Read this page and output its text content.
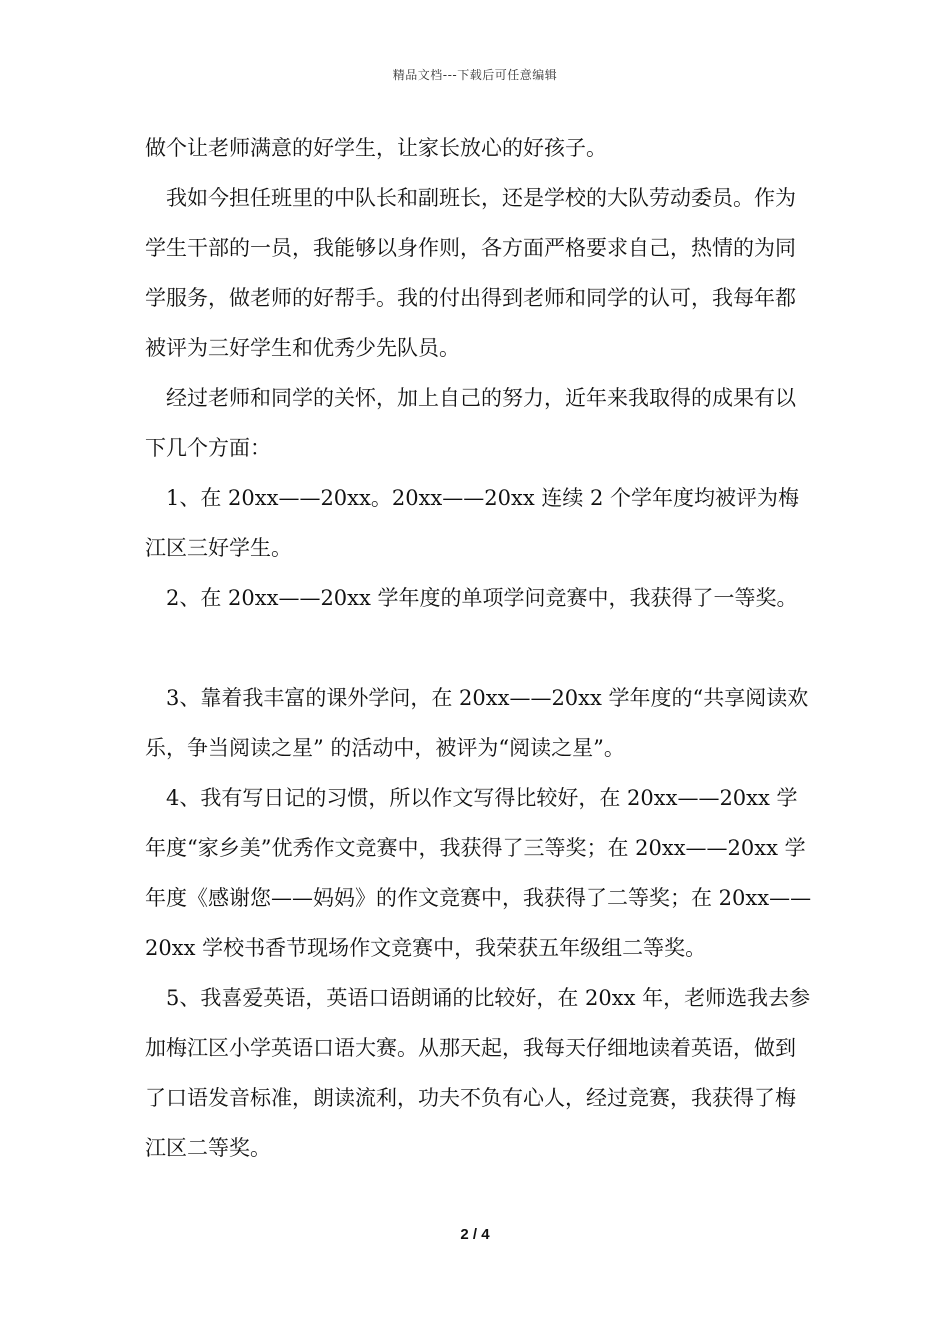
精品文档---下载后可任意编辑

做个让老师满意的好学生，让家长放心的好孩子。

我如今担任班里的中队长和副班长，还是学校的大队劳动委员。作为学生干部的一员，我能够以身作则，各方面严格要求自己，热情的为同学服务，做老师的好帮手。我的付出得到老师和同学的认可，我每年都被评为三好学生和优秀少先队员。

经过老师和同学的关怀，加上自己的努力，近年来我取得的成果有以下几个方面：

1、在 20xx——20xx。20xx——20xx 连续 2 个学年度均被评为梅江区三好学生。

2、在 20xx——20xx 学年度的单项学问竞赛中，我获得了一等奖。

3、靠着我丰富的课外学问，在 20xx——20xx 学年度的“共享阅读欢乐，争当阅读之星” 的活动中，被评为“阅读之星”。

4、我有写日记的习惯，所以作文写得比较好，在 20xx——20xx 学年度“家乡美”优秀作文竞赛中，我获得了三等奖；在 20xx——20xx 学年度《感谢您——妈妈》的作文竞赛中，我获得了二等奖；在 20xx——20xx 学校书香节现场作文竞赛中，我荣获五年级组二等奖。

5、我喜爱英语，英语口语朗诵的比较好，在 20xx 年，老师选我去参加梅江区小学英语口语大赛。从那天起，我每天仔细地读着英语，做到了口语发音标准，朗读流利，功夫不负有心人，经过竞赛，我获得了梅江区二等奖。

2 / 4
